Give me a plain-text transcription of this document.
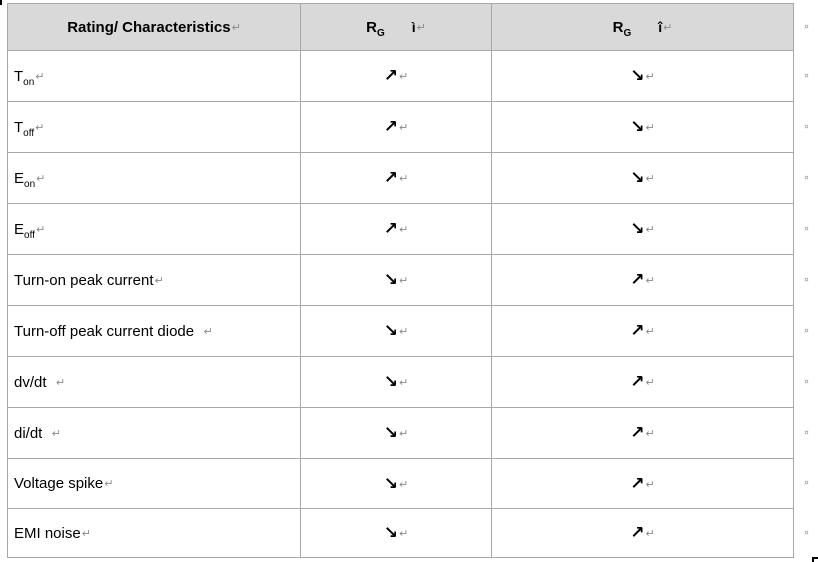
Rating/ Characteristics↵	$R_G$ ì↵	$R_G$ î↵
$T_{on}↵$	↗↵	↘↵
$T_{off}↵$	↗↵	↘↵
$E_{on}↵$	↗↵	↘↵
$E_{off}↵$	↗↵	↘↵
Turn-on peak current↵	↘↵	↗↵
Turn-off peak current diode  ↵	↘↵	↗↵
dv/dt  ↵	↘↵	↗↵
di/dt  ↵	↘↵	↗↵
Voltage spike↵	↘↵	↗↵
EMI noise↵	↘↵	↗↵
¤
¤
¤
¤
¤
¤
¤
¤
¤
¤
¤
